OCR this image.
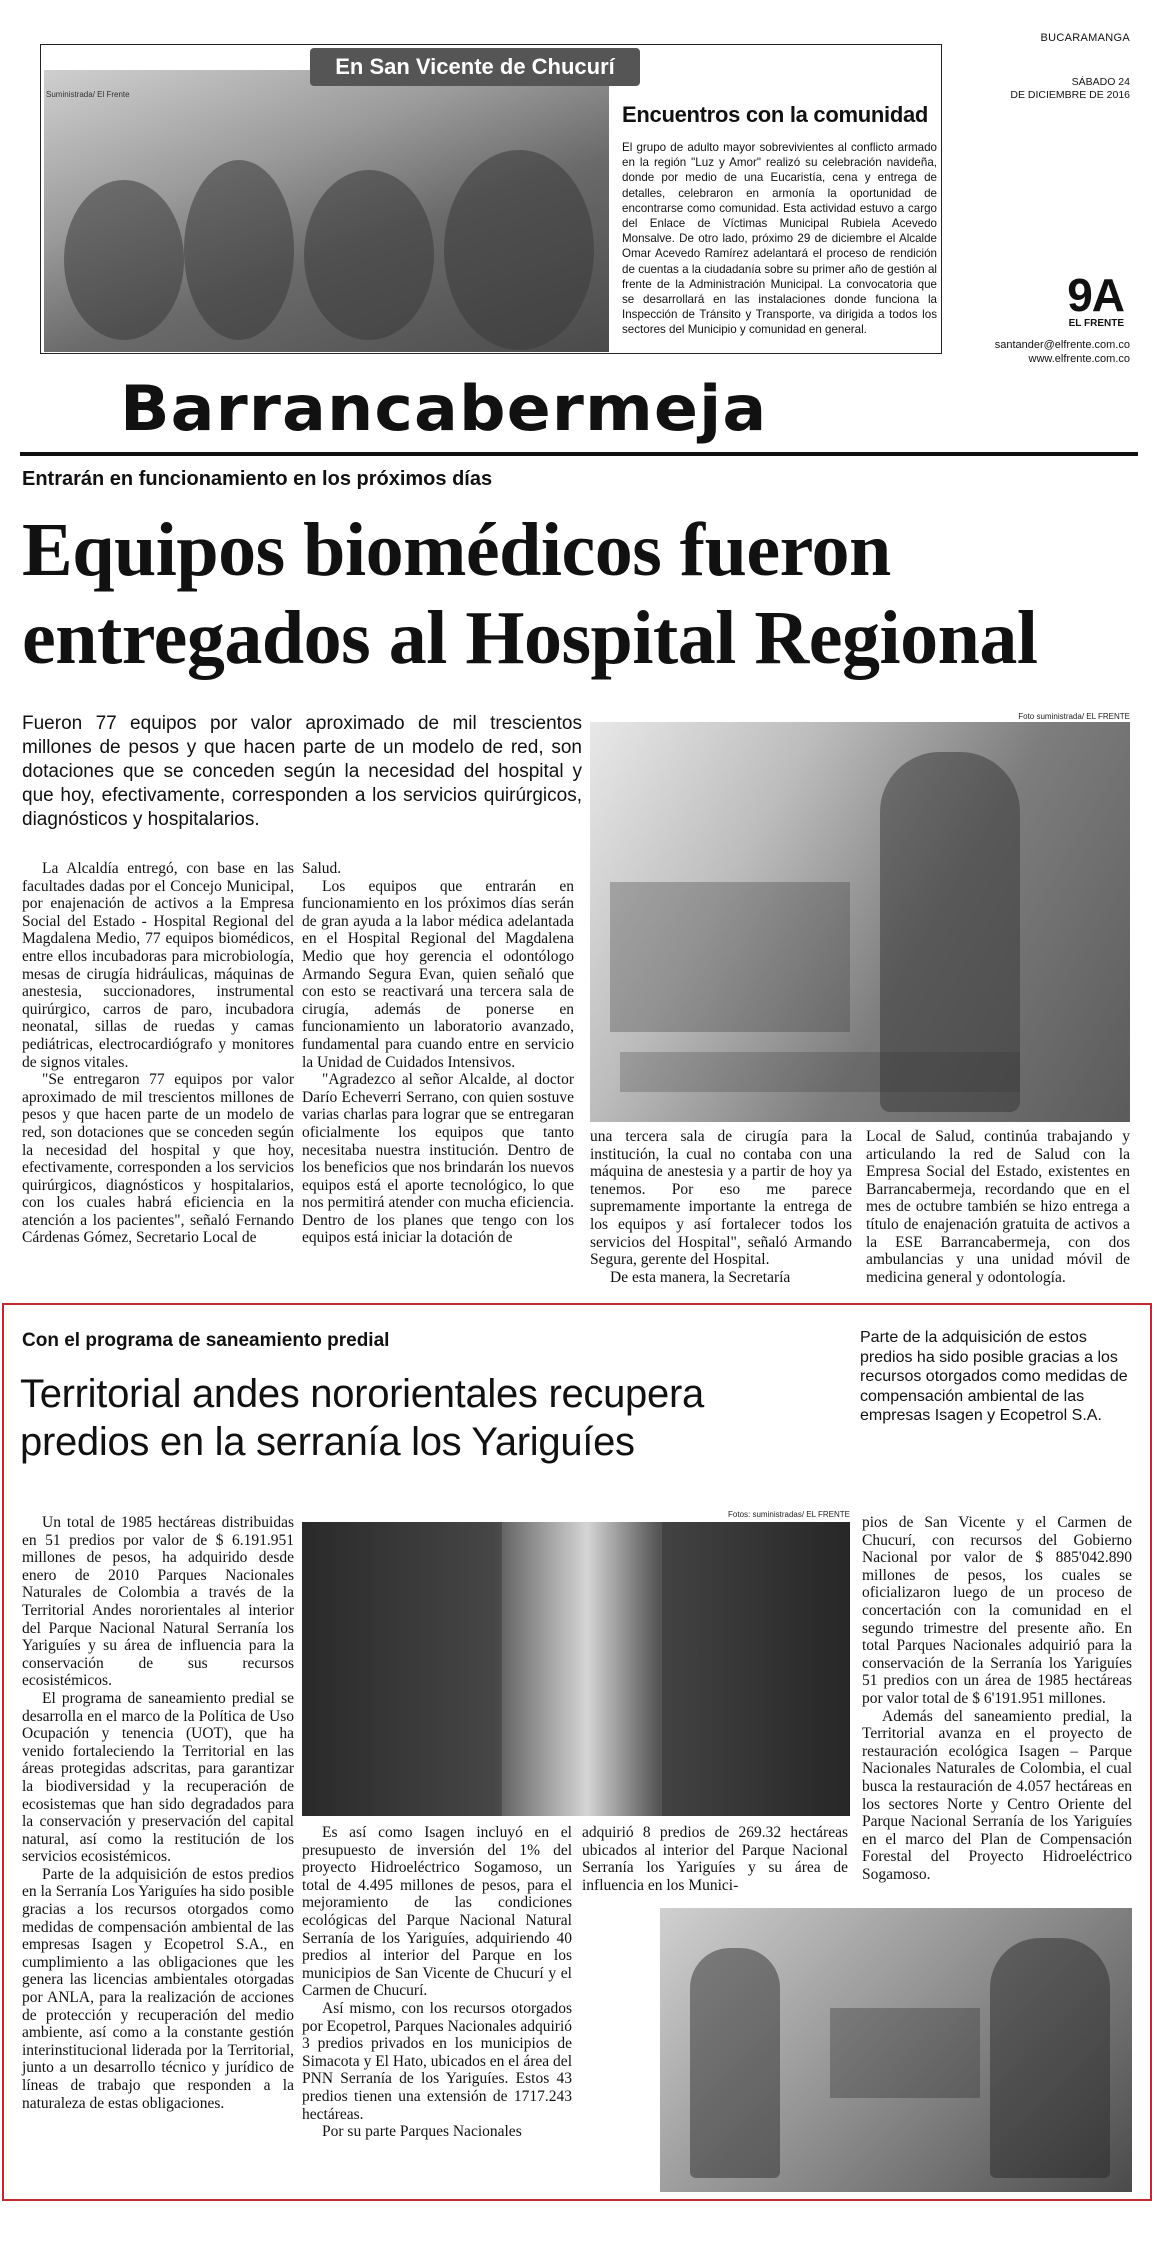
Suministrada/ El Frente
En San Vicente de Chucurí
Encuentros con la comunidad
El grupo de adulto mayor sobrevivientes al conflicto armado en la región "Luz y Amor" realizó su celebración navideña, donde por medio de una Eucaristía, cena y entrega de detalles, celebraron en armonía la oportunidad de encontrarse como comunidad. Esta actividad estuvo a cargo del Enlace de Víctimas Municipal Rubiela Acevedo Monsalve. De otro lado, próximo 29 de diciembre el Alcalde Omar Acevedo Ramírez adelantará el proceso de rendición de cuentas a la ciudadanía sobre su primer año de gestión al frente de la Administración Municipal. La convocatoria que se desarrollará en las instalaciones donde funciona la Inspección de Tránsito y Transporte, va dirigida a todos los sectores del Municipio y comunidad en general.
BUCARAMANGA
SÁBADO 24
DE DICIEMBRE DE 2016
9A
EL FRENTE
santander@elfrente.com.co
www.elfrente.com.co
Barrancabermeja
Entrarán en funcionamiento en los próximos días
Equipos biomédicos fueron entregados al Hospital Regional
Fueron 77 equipos por valor aproximado de mil trescientos millones de pesos y que hacen parte de un modelo de red, son dotaciones que se conceden según la necesidad del hospital y que hoy, efectivamente, corresponden a los servicios quirúrgicos, diagnósticos y hospitalarios.
Foto suministrada/ EL FRENTE

La Alcaldía entregó, con base en las facultades dadas por el Concejo Municipal, por enajenación de activos a la Empresa Social del Estado - Hospital Regional del Magdalena Medio, 77 equipos biomédicos, entre ellos incubadoras para microbiología, mesas de cirugía hidráulicas, máquinas de anestesia, succionadores, instrumental quirúrgico, carros de paro, incubadora neonatal, sillas de ruedas y camas pediátricas, electrocardiógrafo y monitores de signos vitales.

"Se entregaron 77 equipos por valor aproximado de mil trescientos millones de pesos y que hacen parte de un modelo de red, son dotaciones que se conceden según la necesidad del hospital y que hoy, efectivamente, corresponden a los servicios quirúrgicos, diagnósticos y hospitalarios, con los cuales habrá eficiencia en la atención a los pacientes", señaló Fernando Cárdenas Gómez, Secretario Local de

Salud.

Los equipos que entrarán en funcionamiento en los próximos días serán de gran ayuda a la labor médica adelantada en el Hospital Regional del Magdalena Medio que hoy gerencia el odontólogo Armando Segura Evan, quien señaló que con esto se reactivará una tercera sala de cirugía, además de ponerse en funcionamiento un laboratorio avanzado, fundamental para cuando entre en servicio la Unidad de Cuidados Intensivos.

"Agradezco al señor Alcalde, al doctor Darío Echeverri Serrano, con quien sostuve varias charlas para lograr que se entregaran oficialmente los equipos que tanto necesitaba nuestra institución. Dentro de los beneficios que nos brindarán los nuevos equipos está el aporte tecnológico, lo que nos permitirá atender con mucha eficiencia. Dentro de los planes que tengo con los equipos está iniciar la dotación de

una tercera sala de cirugía para la institución, la cual no contaba con una máquina de anestesia y a partir de hoy ya tenemos. Por eso me parece supremamente importante la entrega de los equipos y así fortalecer todos los servicios del Hospital", señaló Armando Segura, gerente del Hospital.

De esta manera, la Secretaría

Local de Salud, continúa trabajando y articulando la red de Salud con la Empresa Social del Estado, existentes en Barrancabermeja, recordando que en el mes de octubre también se hizo entrega a título de enajenación gratuita de activos a la ESE Barrancabermeja, con dos ambulancias y una unidad móvil de medicina general y odontología.

Con el programa de saneamiento predial
Territorial andes nororientales recupera predios en la serranía los Yariguíes
Parte de la adquisición de estos predios ha sido posible gracias a los recursos otorgados como medidas de compensación ambiental de las empresas Isagen y Ecopetrol S.A.
Fotos: suministradas/ EL FRENTE

Un total de 1985 hectáreas distribuidas en 51 predios por valor de $ 6.191.951 millones de pesos, ha adquirido desde enero de 2010 Parques Nacionales Naturales de Colombia a través de la Territorial Andes nororientales al interior del Parque Nacional Natural Serranía los Yariguíes y su área de influencia para la conservación de sus recursos ecosistémicos.

El programa de saneamiento predial se desarrolla en el marco de la Política de Uso Ocupación y tenencia (UOT), que ha venido fortaleciendo la Territorial en las áreas protegidas adscritas, para garantizar la biodiversidad y la recuperación de ecosistemas que han sido degradados para la conservación y preservación del capital natural, así como la restitución de los servicios ecosistémicos.

Parte de la adquisición de estos predios en la Serranía Los Yariguíes ha sido posible gracias a los recursos otorgados como medidas de compensación ambiental de las empresas Isagen y Ecopetrol S.A., en cumplimiento a las obligaciones que les genera las licencias ambientales otorgadas por ANLA, para la realización de acciones de protección y recuperación del medio ambiente, así como a la constante gestión interinstitucional liderada por la Territorial, junto a un desarrollo técnico y jurídico de líneas de trabajo que responden a la naturaleza de estas obligaciones.

Es así como Isagen incluyó en el presupuesto de inversión del 1% del proyecto Hidroeléctrico Sogamoso, un total de 4.495 millones de pesos, para el mejoramiento de las condiciones ecológicas del Parque Nacional Natural Serranía de los Yariguíes, adquiriendo 40 predios al interior del Parque en los municipios de San Vicente de Chucurí y el Carmen de Chucurí.

Así mismo, con los recursos otorgados por Ecopetrol, Parques Nacionales adquirió 3 predios privados en los municipios de Simacota y El Hato, ubicados en el área del PNN Serranía de los Yariguíes. Estos 43 predios tienen una extensión de 1717.243 hectáreas.

Por su parte Parques Nacionales

adquirió 8 predios de 269.32 hectáreas ubicados al interior del Parque Nacional Serranía los Yariguíes y su área de influencia en los Munici-

pios de San Vicente y el Carmen de Chucurí, con recursos del Gobierno Nacional por valor de $ 885'042.890 millones de pesos, los cuales se oficializaron luego de un proceso de concertación con la comunidad en el segundo trimestre del presente año. En total Parques Nacionales adquirió para la conservación de la Serranía los Yariguíes 51 predios con un área de 1985 hectáreas por valor total de $ 6'191.951 millones.

Además del saneamiento predial, la Territorial avanza en el proyecto de restauración ecológica Isagen – Parque Nacionales Naturales de Colombia, el cual busca la restauración de 4.057 hectáreas en los sectores Norte y Centro Oriente del Parque Nacional Serranía de los Yariguíes en el marco del Plan de Compensación Forestal del Proyecto Hidroeléctrico Sogamoso.
